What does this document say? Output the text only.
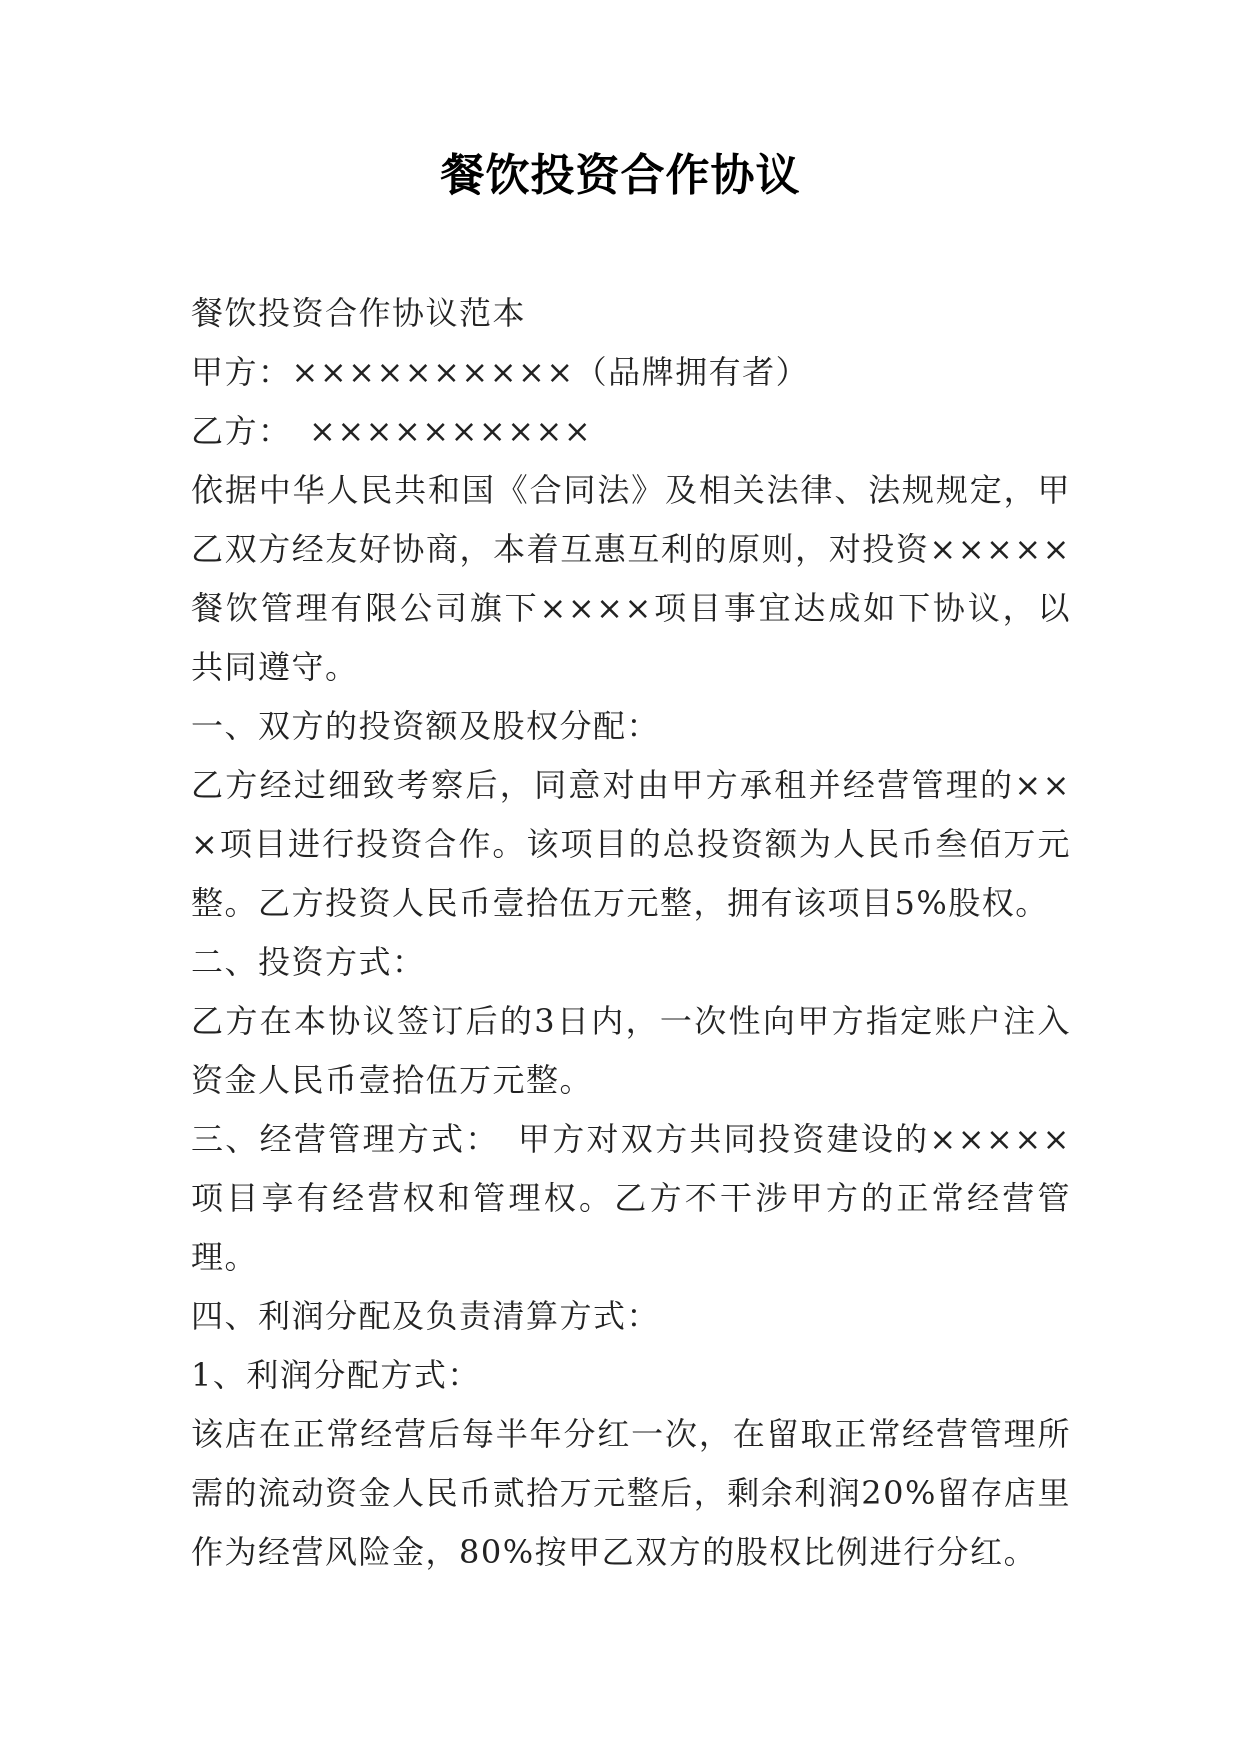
餐饮投资合作协议

餐饮投资合作协议范本

甲方：××××××××××（品牌拥有者）

乙方：　××××××××××

依据中华人民共和国《合同法》及相关法律、法规规定，甲乙双方经友好协商，本着互惠互利的原则，对投资×××××餐饮管理有限公司旗下××××项目事宜达成如下协议，以共同遵守。

一、双方的投资额及股权分配：

乙方经过细致考察后，同意对由甲方承租并经营管理的×××项目进行投资合作。该项目的总投资额为人民币叁佰万元整。乙方投资人民币壹拾伍万元整，拥有该项目5%股权。

二、投资方式：

乙方在本协议签订后的3日内，一次性向甲方指定账户注入资金人民币壹拾伍万元整。

三、经营管理方式：　甲方对双方共同投资建设的×××××项目享有经营权和管理权。乙方不干涉甲方的正常经营管理。

四、利润分配及负责清算方式：

1、利润分配方式：

该店在正常经营后每半年分红一次，在留取正常经营管理所需的流动资金人民币贰拾万元整后，剩余利润20%留存店里作为经营风险金，80%按甲乙双方的股权比例进行分红。
